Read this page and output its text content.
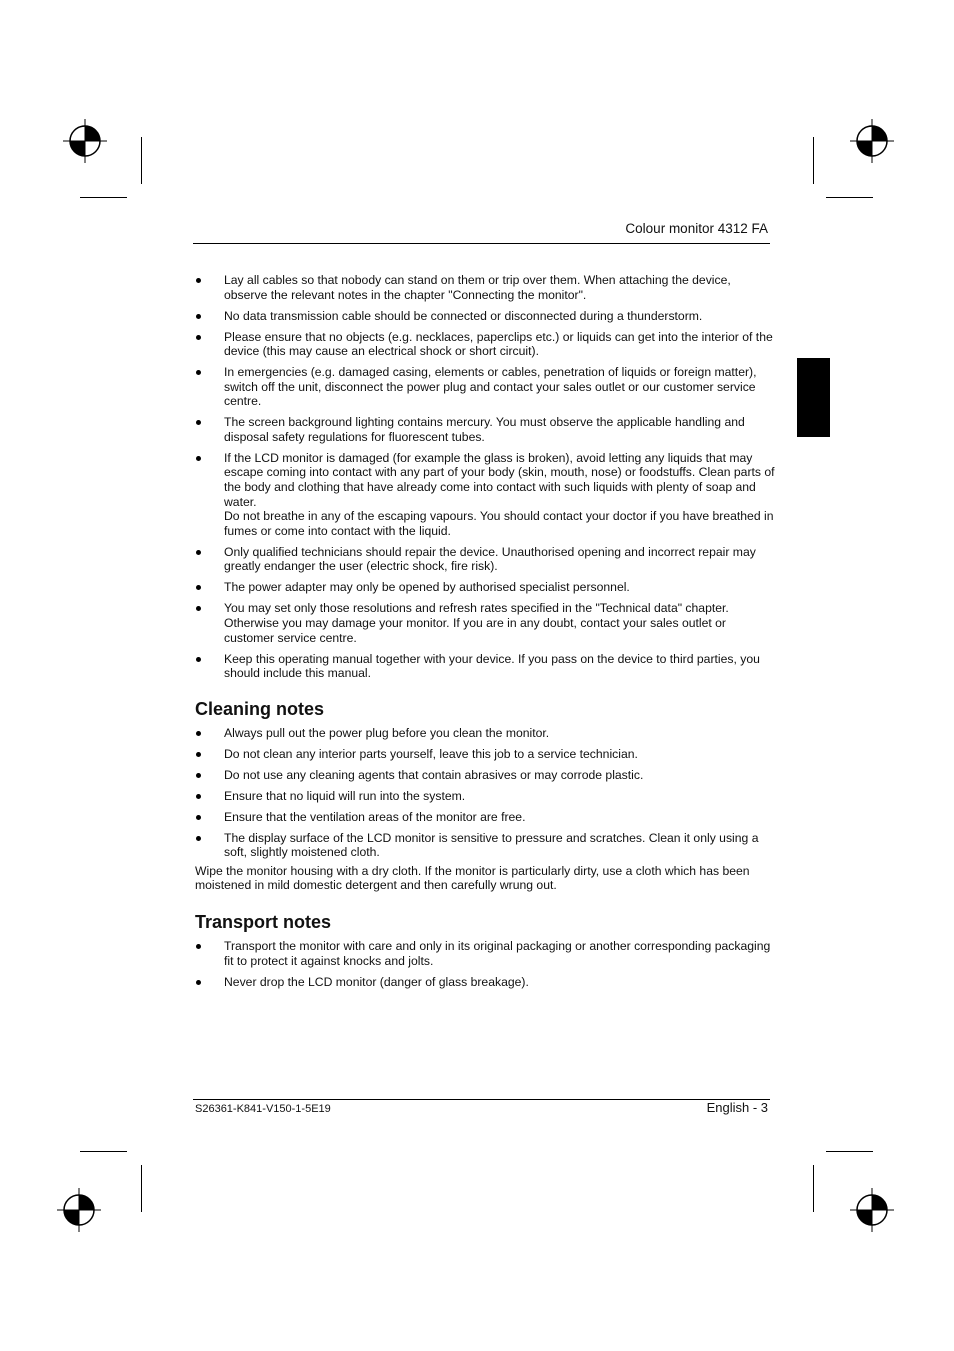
Colour monitor 4312 FA
Lay all cables so that nobody can stand on them or trip over them. When attaching the device, observe the relevant notes in the chapter "Connecting the monitor".
No data transmission cable should be connected or disconnected during a thunderstorm.
Please ensure that no objects (e.g. necklaces, paperclips etc.) or liquids can get into the interior of the device (this may cause an electrical shock or short circuit).
In emergencies (e.g. damaged casing, elements or cables, penetration of liquids or foreign matter), switch off the unit, disconnect the power plug and contact your sales outlet or our customer service centre.
The screen background lighting contains mercury. You must observe the applicable handling and disposal safety regulations for fluorescent tubes.
If the LCD monitor is damaged (for example the glass is broken), avoid letting any liquids that may escape coming into contact with any part of your body (skin, mouth, nose) or foodstuffs. Clean parts of the body and clothing that have already come into contact with such liquids with plenty of soap and water.
Do not breathe in any of the escaping vapours. You should contact your doctor if you have breathed in fumes or come into contact with the liquid.
Only qualified technicians should repair the device. Unauthorised opening and incorrect repair may greatly endanger the user (electric shock, fire risk).
The power adapter may only be opened by authorised specialist personnel.
You may set only those resolutions and refresh rates specified in the "Technical data" chapter. Otherwise you may damage your monitor. If you are in any doubt, contact your sales outlet or customer service centre.
Keep this operating manual together with your device. If you pass on the device to third parties, you should include this manual.
Cleaning notes
Always pull out the power plug before you clean the monitor.
Do not clean any interior parts yourself, leave this job to a service technician.
Do not use any cleaning agents that contain abrasives or may corrode plastic.
Ensure that no liquid will run into the system.
Ensure that the ventilation areas of the monitor are free.
The display surface of the LCD monitor is sensitive to pressure and scratches. Clean it only using a soft, slightly moistened cloth.

Wipe the monitor housing with a dry cloth. If the monitor is particularly dirty, use a cloth which has been moistened in mild domestic detergent and then carefully wrung out.

Transport notes
Transport the monitor with care and only in its original packaging or another corresponding packaging fit to protect it against knocks and jolts.
Never drop the LCD monitor (danger of glass breakage).
S26361-K841-V150-1-5E19	English - 3
